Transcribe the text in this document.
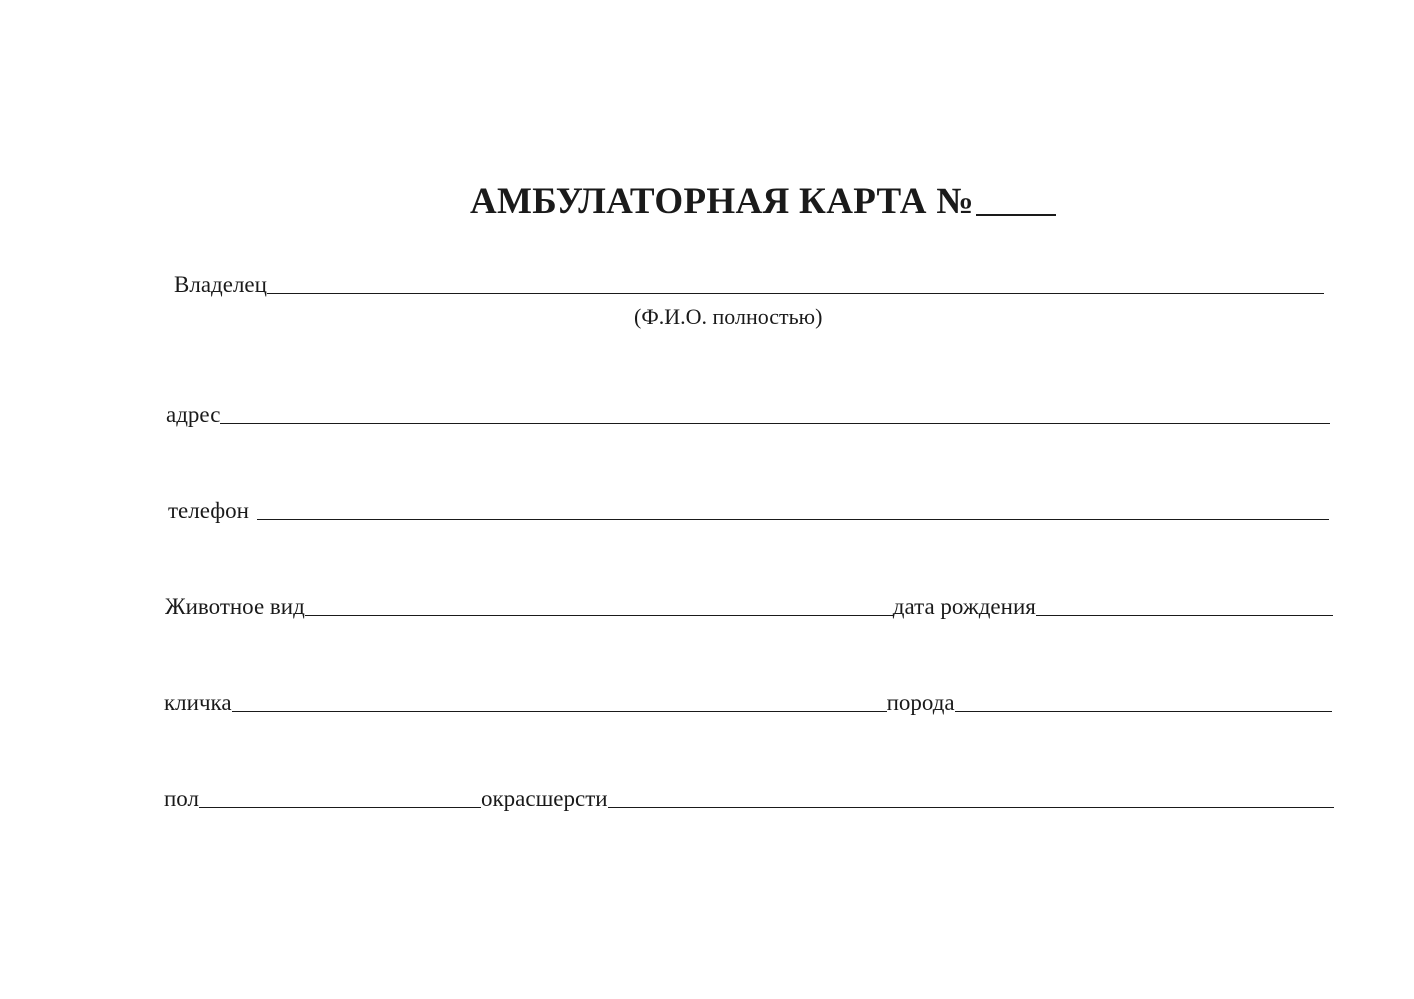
АМБУЛАТОРНАЯ КАРТА №
Владелец
(Ф.И.О. полностью)
адрес
телефон
Животное вид	дата рождения
кличка	порода
пол	окрасшерсти
